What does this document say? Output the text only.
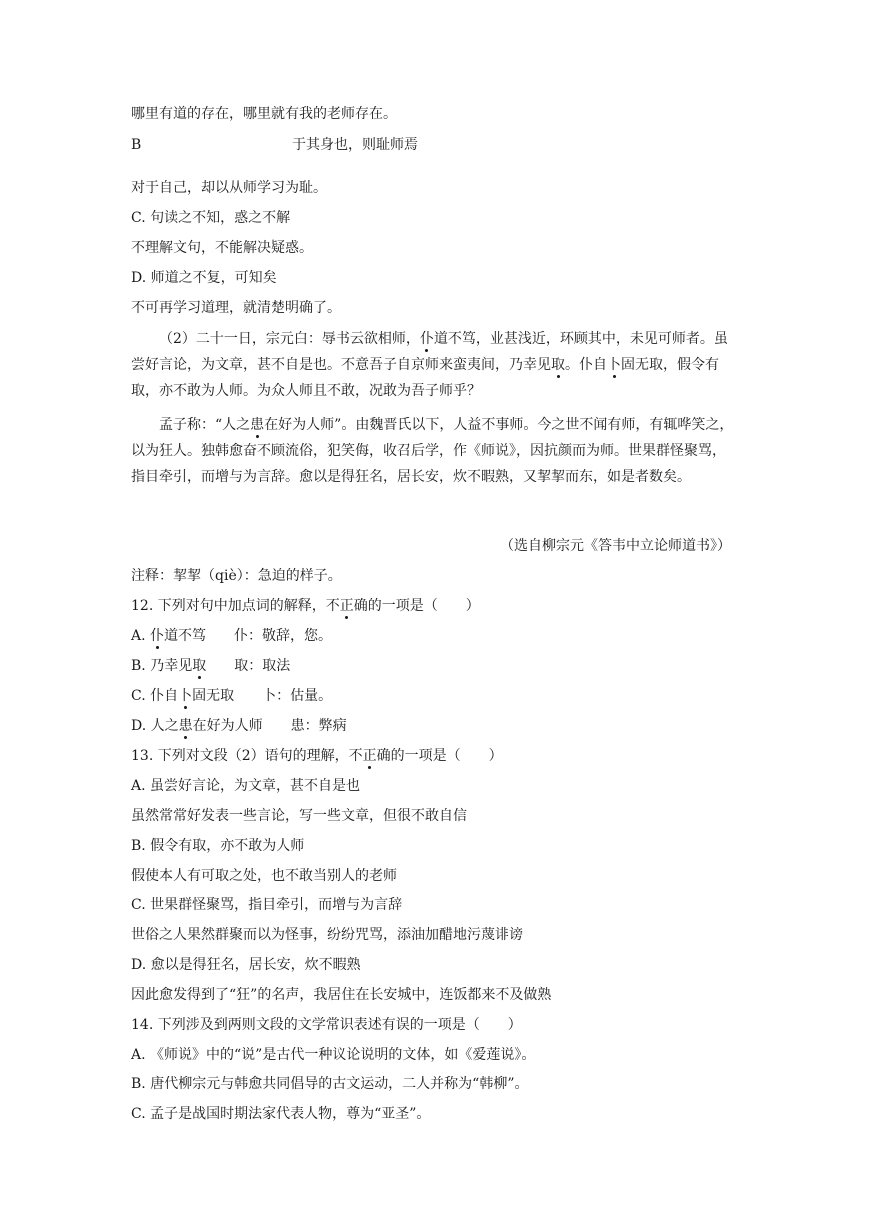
哪里有道的存在，哪里就有我的老师存在。
B	于其身也，则耻师焉
对于自己，却以从师学习为耻。
C. 句读之不知，惑之不解
不理解文句，不能解决疑惑。
D. 师道之不复，可知矣
不可再学习道理，就清楚明确了。
（2）二十一日，宗元白：辱书云欲相师，仆道不笃，业甚浅近，环顾其中，未见可师者。虽尝好言论，为文章，甚不自是也。不意吾子自京师来蛮夷间，乃幸见取。仆自卜固无取，假令有取，亦不敢为人师。为众人师且不敢，况敢为吾子师乎？
孟子称：“人之患在好为人师”。由魏晋氏以下，人益不事师。今之世不闻有师，有辄哗笑之，以为狂人。独韩愈奋不顾流俗，犯笑侮，收召后学，作《师说》，因抗颜而为师。世果群怪聚骂，指目牵引，而增与为言辞。愈以是得狂名，居长安，炊不暇熟，又挈挈而东，如是者数矣。
（选自柳宗元《答韦中立论师道书》）
注释：挈挈（qiè）：急迫的样子。
12. 下列对句中加点词的解释，不正确的一项是（　　）
A. 仆道不笃　　仆：敬辞，您。
B. 乃幸见取　　取：取法
C. 仆自卜固无取　　卜：估量。
D. 人之患在好为人师　　患：弊病
13. 下列对文段（2）语句的理解，不正确的一项是（　　）
A. 虽尝好言论，为文章，甚不自是也
虽然常常好发表一些言论，写一些文章，但很不敢自信
B. 假令有取，亦不敢为人师
假使本人有可取之处，也不敢当别人的老师
C. 世果群怪聚骂，指目牵引，而增与为言辞
世俗之人果然群聚而以为怪事，纷纷咒骂，添油加醋地污蔑诽谤
D. 愈以是得狂名，居长安，炊不暇熟
因此愈发得到了“狂”的名声，我居住在长安城中，连饭都来不及做熟
14. 下列涉及到两则文段的文学常识表述有误的一项是（　　）
A. 《师说》中的“说”是古代一种议论说明的文体，如《爱莲说》。
B. 唐代柳宗元与韩愈共同倡导的古文运动，二人并称为“韩柳”。
C. 孟子是战国时期法家代表人物，尊为“亚圣”。
